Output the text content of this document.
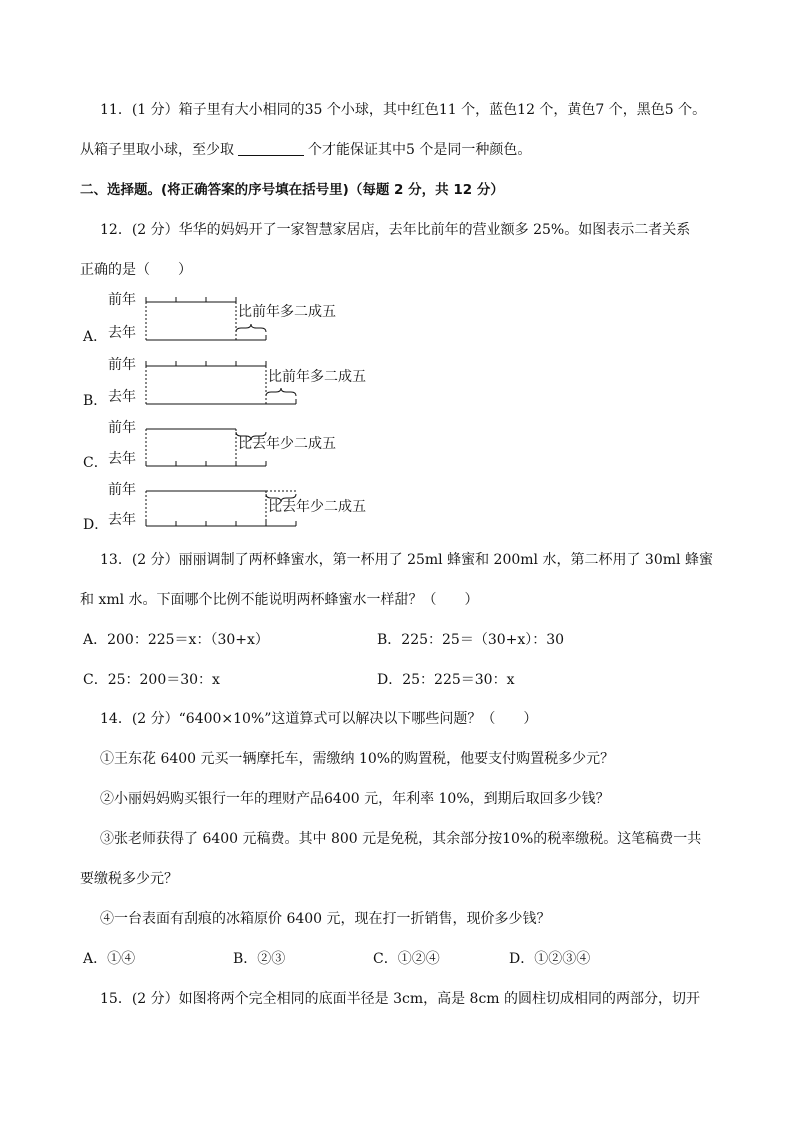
11．(1 分）箱子里有大小相同的35 个小球，其中红色11 个，蓝色12 个，黄色7 个，黑色5 个。
从箱子里取小球，至少取	个才能保证其中5 个是同一种颜色。
二、选择题。(将正确答案的序号填在括号里)（每题 2 分，共 12 分）
12．(2 分）华华的妈妈开了一家智慧家居店，去年比前年的营业额多 25%。如图表示二者关系
正确的是（　　）
前年
去年
A．
比前年多二成五
前年
去年
B．
比前年多二成五
前年
去年
C．
比去年少二成五
前年
去年
D．
比去年少二成五
13．(2 分）丽丽调制了两杯蜂蜜水，第一杯用了 25ml 蜂蜜和 200ml 水，第二杯用了 30ml 蜂蜜
和 xml 水。下面哪个比例不能说明两杯蜂蜜水一样甜？（　　）
A．200：225＝x：（30+x）	B．225：25＝（30+x）：30
C．25：200＝30：x	D．25：225＝30：x
14．(2 分）“6400×10%”这道算式可以解决以下哪些问题？（　　）
①王东花 6400 元买一辆摩托车，需缴纳 10%的购置税，他要支付购置税多少元？
②小丽妈妈购买银行一年的理财产品6400 元，年利率 10%，到期后取回多少钱？
③张老师获得了 6400 元稿费。其中 800 元是免税，其余部分按10%的税率缴税。这笔稿费一共
要缴税多少元？
④一台表面有刮痕的冰箱原价 6400 元，现在打一折销售，现价多少钱？
A．①④	B．②③	C．①②④	D．①②③④
15．(2 分）如图将两个完全相同的底面半径是 3cm，高是 8cm 的圆柱切成相同的两部分，切开
